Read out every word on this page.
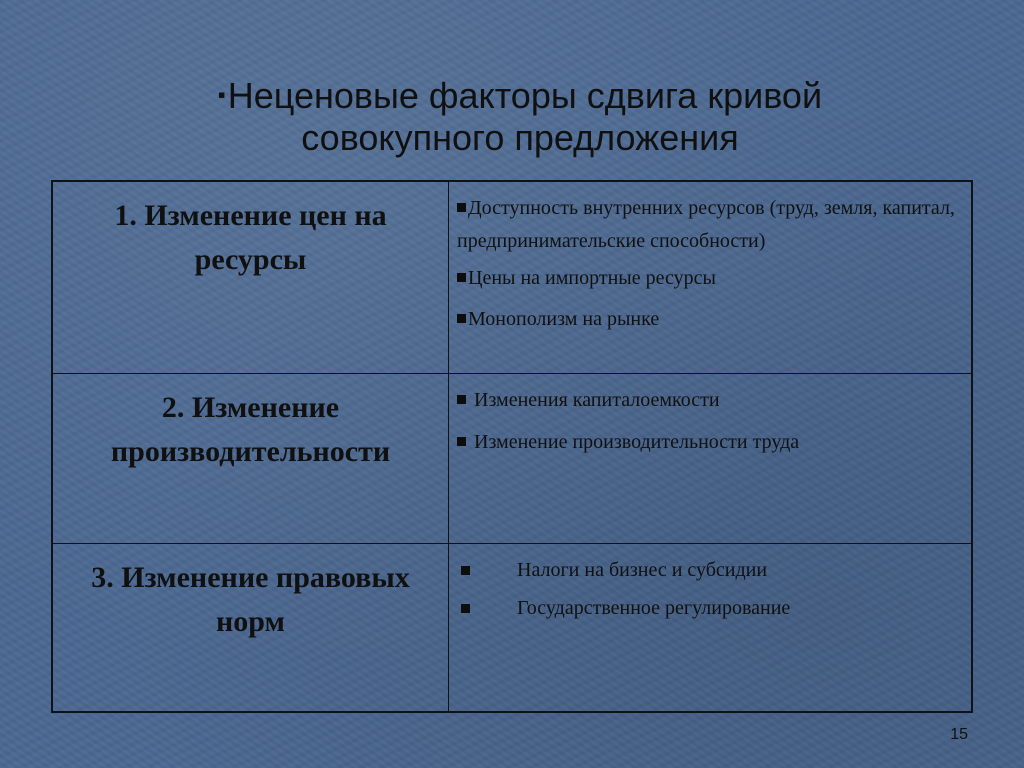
▪Неценовые факторы сдвига кривой совокупного предложения
1. Изменение цен на ресурсы
Доступность внутренних ресурсов (труд, земля, капитал, предпринимательские способности)
Цены на импортные ресурсы
Монополизм на рынке
2. Изменение производительности
Изменения капиталоемкости
Изменение производительности труда
3. Изменение правовых норм
Налоги на бизнес и субсидии
Государственное регулирование
15
